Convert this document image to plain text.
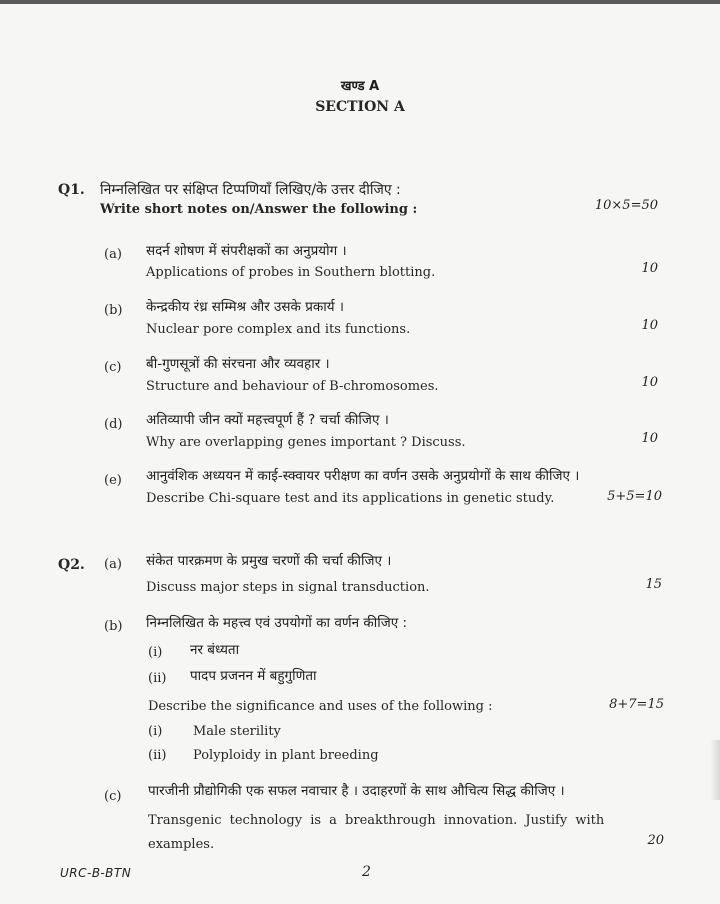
खण्ड A
SECTION A
Q1. निम्नलिखित पर संक्षिप्त टिप्पणियाँ लिखिए/के उत्तर दीजिए :
Write short notes on/Answer the following :	10×5=50
(a) सदर्न शोषण में संपरीक्षकों का अनुप्रयोग ।
Applications of probes in Southern blotting.	10
(b) केन्द्रकीय रंध्र सम्मिश्र और उसके प्रकार्य ।
Nuclear pore complex and its functions.	10
(c) बी-गुणसूत्रों की संरचना और व्यवहार ।
Structure and behaviour of B-chromosomes.	10
(d) अतिव्यापी जीन क्यों महत्त्वपूर्ण हैं ? चर्चा कीजिए ।
Why are overlapping genes important ? Discuss.	10
(e) आनुवंशिक अध्ययन में काई-स्क्वायर परीक्षण का वर्णन उसके अनुप्रयोगों के साथ कीजिए ।
Describe Chi-square test and its applications in genetic study.	5+5=10
Q2. (a) संकेत पारक्रमण के प्रमुख चरणों की चर्चा कीजिए ।
Discuss major steps in signal transduction.	15
(b) निम्नलिखित के महत्त्व एवं उपयोगों का वर्णन कीजिए :
(i) नर बंध्यता
(ii) पादप प्रजनन में बहुगुणिता
Describe the significance and uses of the following :	8+7=15
(i) Male sterility
(ii) Polyploidy in plant breeding
(c) पारजीनी प्रौद्योगिकी एक सफल नवाचार है । उदाहरणों के साथ औचित्य सिद्ध कीजिए ।
Transgenic technology is a breakthrough innovation. Justify with
examples.	20
URC-B-BTN	2
